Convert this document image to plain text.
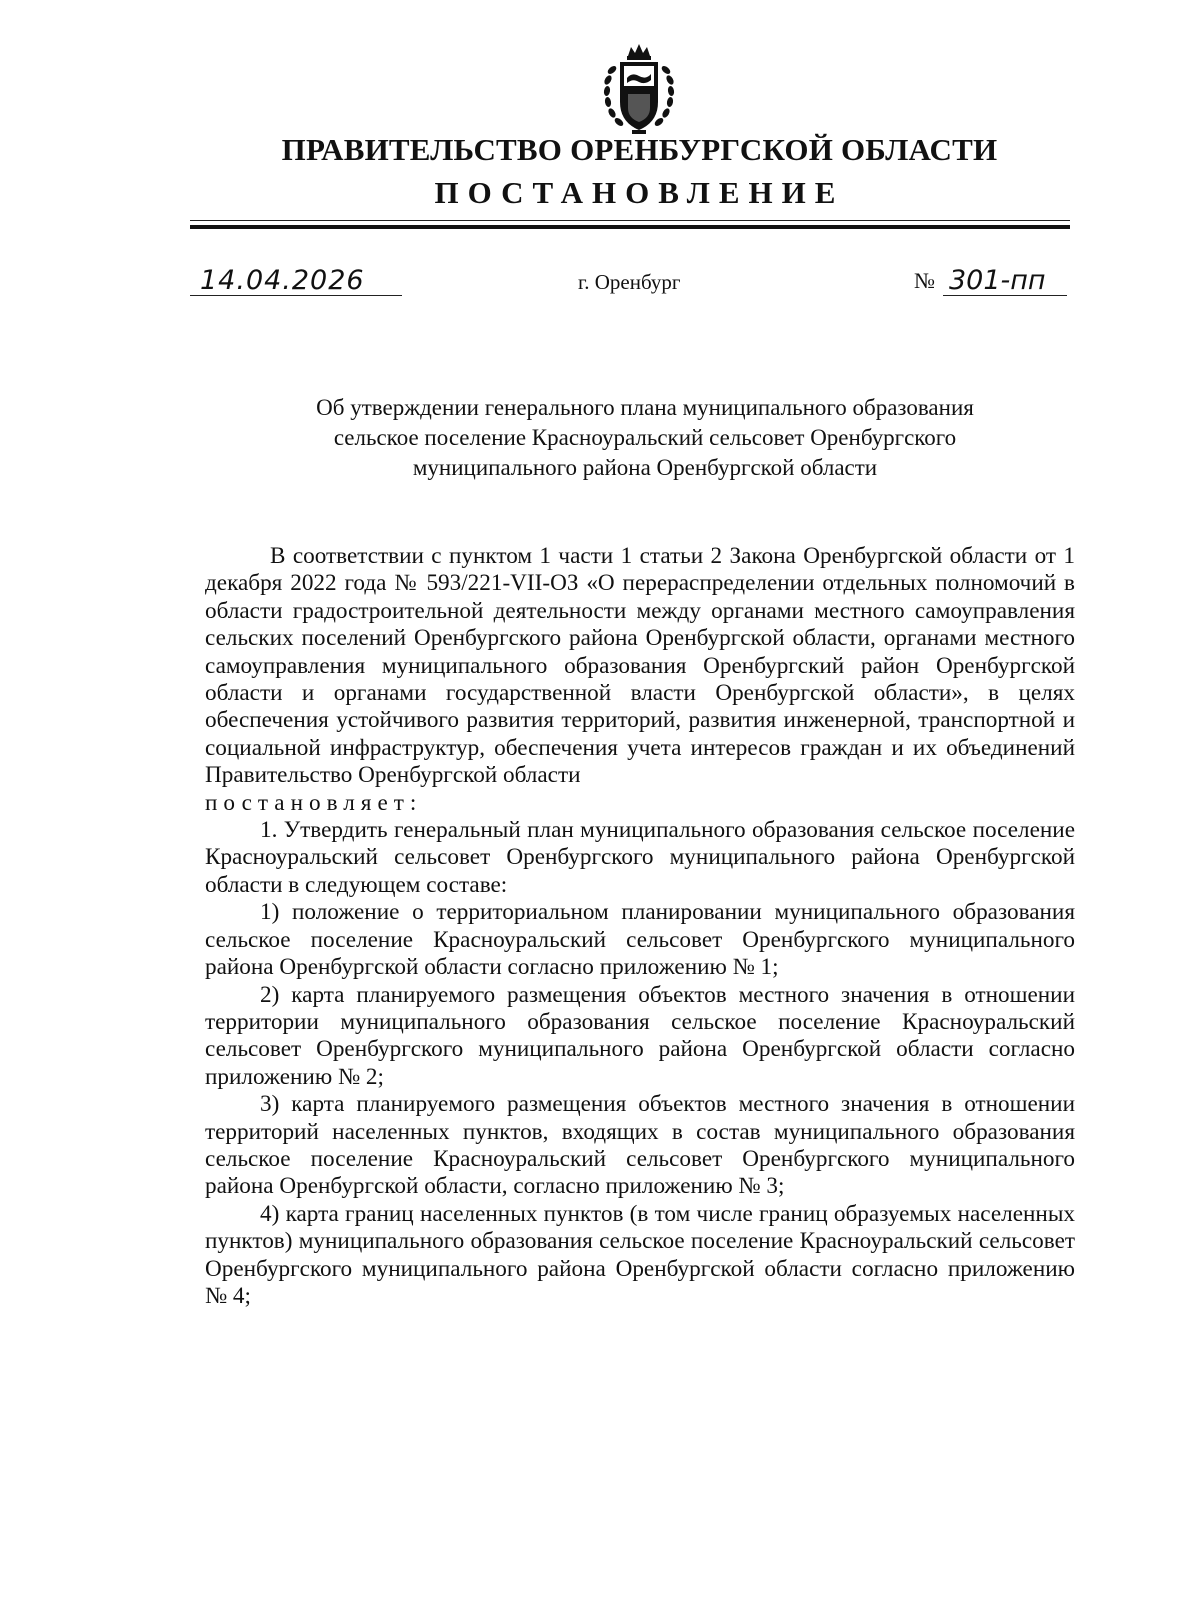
ПРАВИТЕЛЬСТВО ОРЕНБУРГСКОЙ ОБЛАСТИ
ПОСТАНОВЛЕНИЕ
14.04.2026	г. Оренбург	№ 301-пп
Об утверждении генерального плана муниципального образования
сельское поселение Красноуральский сельсовет Оренбургского
муниципального района Оренбургской области

В соответствии с пунктом 1 части 1 статьи 2 Закона Оренбургской области от 1 декабря 2022 года № 593/221-VII-ОЗ «О перераспределении отдельных полномочий в области градостроительной деятельности между органами местного самоуправления сельских поселений Оренбургского района Оренбургской области, органами местного самоуправления муниципального образования Оренбургский район Оренбургской области и органами государственной власти Оренбургской области», в целях обеспечения устойчивого развития территорий, развития инженерной, транспортной и социальной инфраструктур, обеспечения учета интересов граждан и их объединений Правительство Оренбургской области

постановляет:

1. Утвердить генеральный план муниципального образования сельское поселение Красноуральский сельсовет Оренбургского муниципального района Оренбургской области в следующем составе:

1) положение о территориальном планировании муниципального образования сельское поселение Красноуральский сельсовет Оренбургского муниципального района Оренбургской области согласно приложению № 1;

2) карта планируемого размещения объектов местного значения в отношении территории муниципального образования сельское поселение Красноуральский сельсовет Оренбургского муниципального района Оренбургской области согласно приложению № 2;

3) карта планируемого размещения объектов местного значения в отношении территорий населенных пунктов, входящих в состав муниципального образования сельское поселение Красноуральский сельсовет Оренбургского муниципального района Оренбургской области, согласно приложению № 3;

4) карта границ населенных пунктов (в том числе границ образуемых населенных пунктов) муниципального образования сельское поселение Красноуральский сельсовет Оренбургского муниципального района Оренбургской области согласно приложению № 4;
